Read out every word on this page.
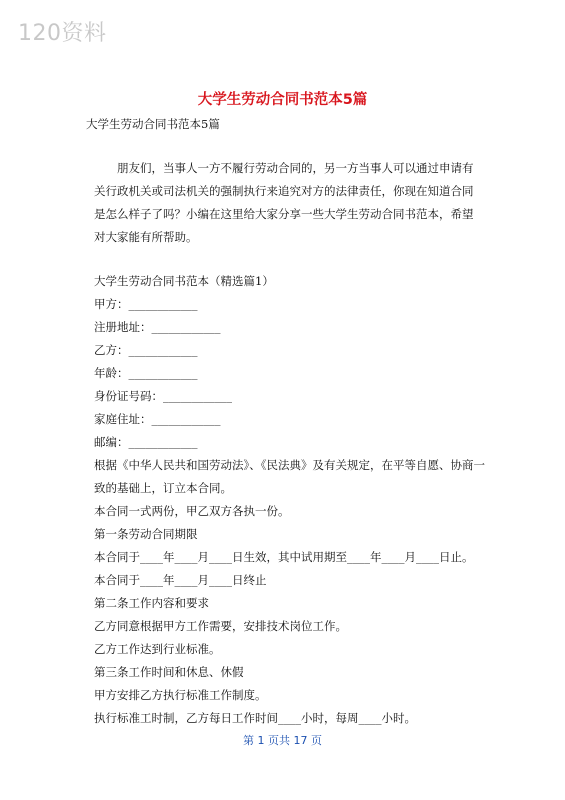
120资料
大学生劳动合同书范本5篇
大学生劳动合同书范本5篇
朋友们，当事人一方不履行劳动合同的，另一方当事人可以通过申请有关行政机关或司法机关的强制执行来追究对方的法律责任，你现在知道合同是怎么样子了吗？小编在这里给大家分享一些大学生劳动合同书范本，希望对大家能有所帮助。
大学生劳动合同书范本（精选篇1）
甲方：____________
注册地址：____________
乙方：____________
年龄：____________
身份证号码：____________
家庭住址：____________
邮编：____________
根据《中华人民共和国劳动法》、《民法典》及有关规定，在平等自愿、协商一致的基础上，订立本合同。
本合同一式两份，甲乙双方各执一份。
第一条劳动合同期限
本合同于____年____月____日生效，其中试用期至____年____月____日止。
本合同于____年____月____日终止
第二条工作内容和要求
乙方同意根据甲方工作需要，安排技术岗位工作。
乙方工作达到行业标准。
第三条工作时间和休息、休假
甲方安排乙方执行标准工作制度。
执行标准工时制，乙方每日工作时间____小时，每周____小时。
第 1 页共 17 页
